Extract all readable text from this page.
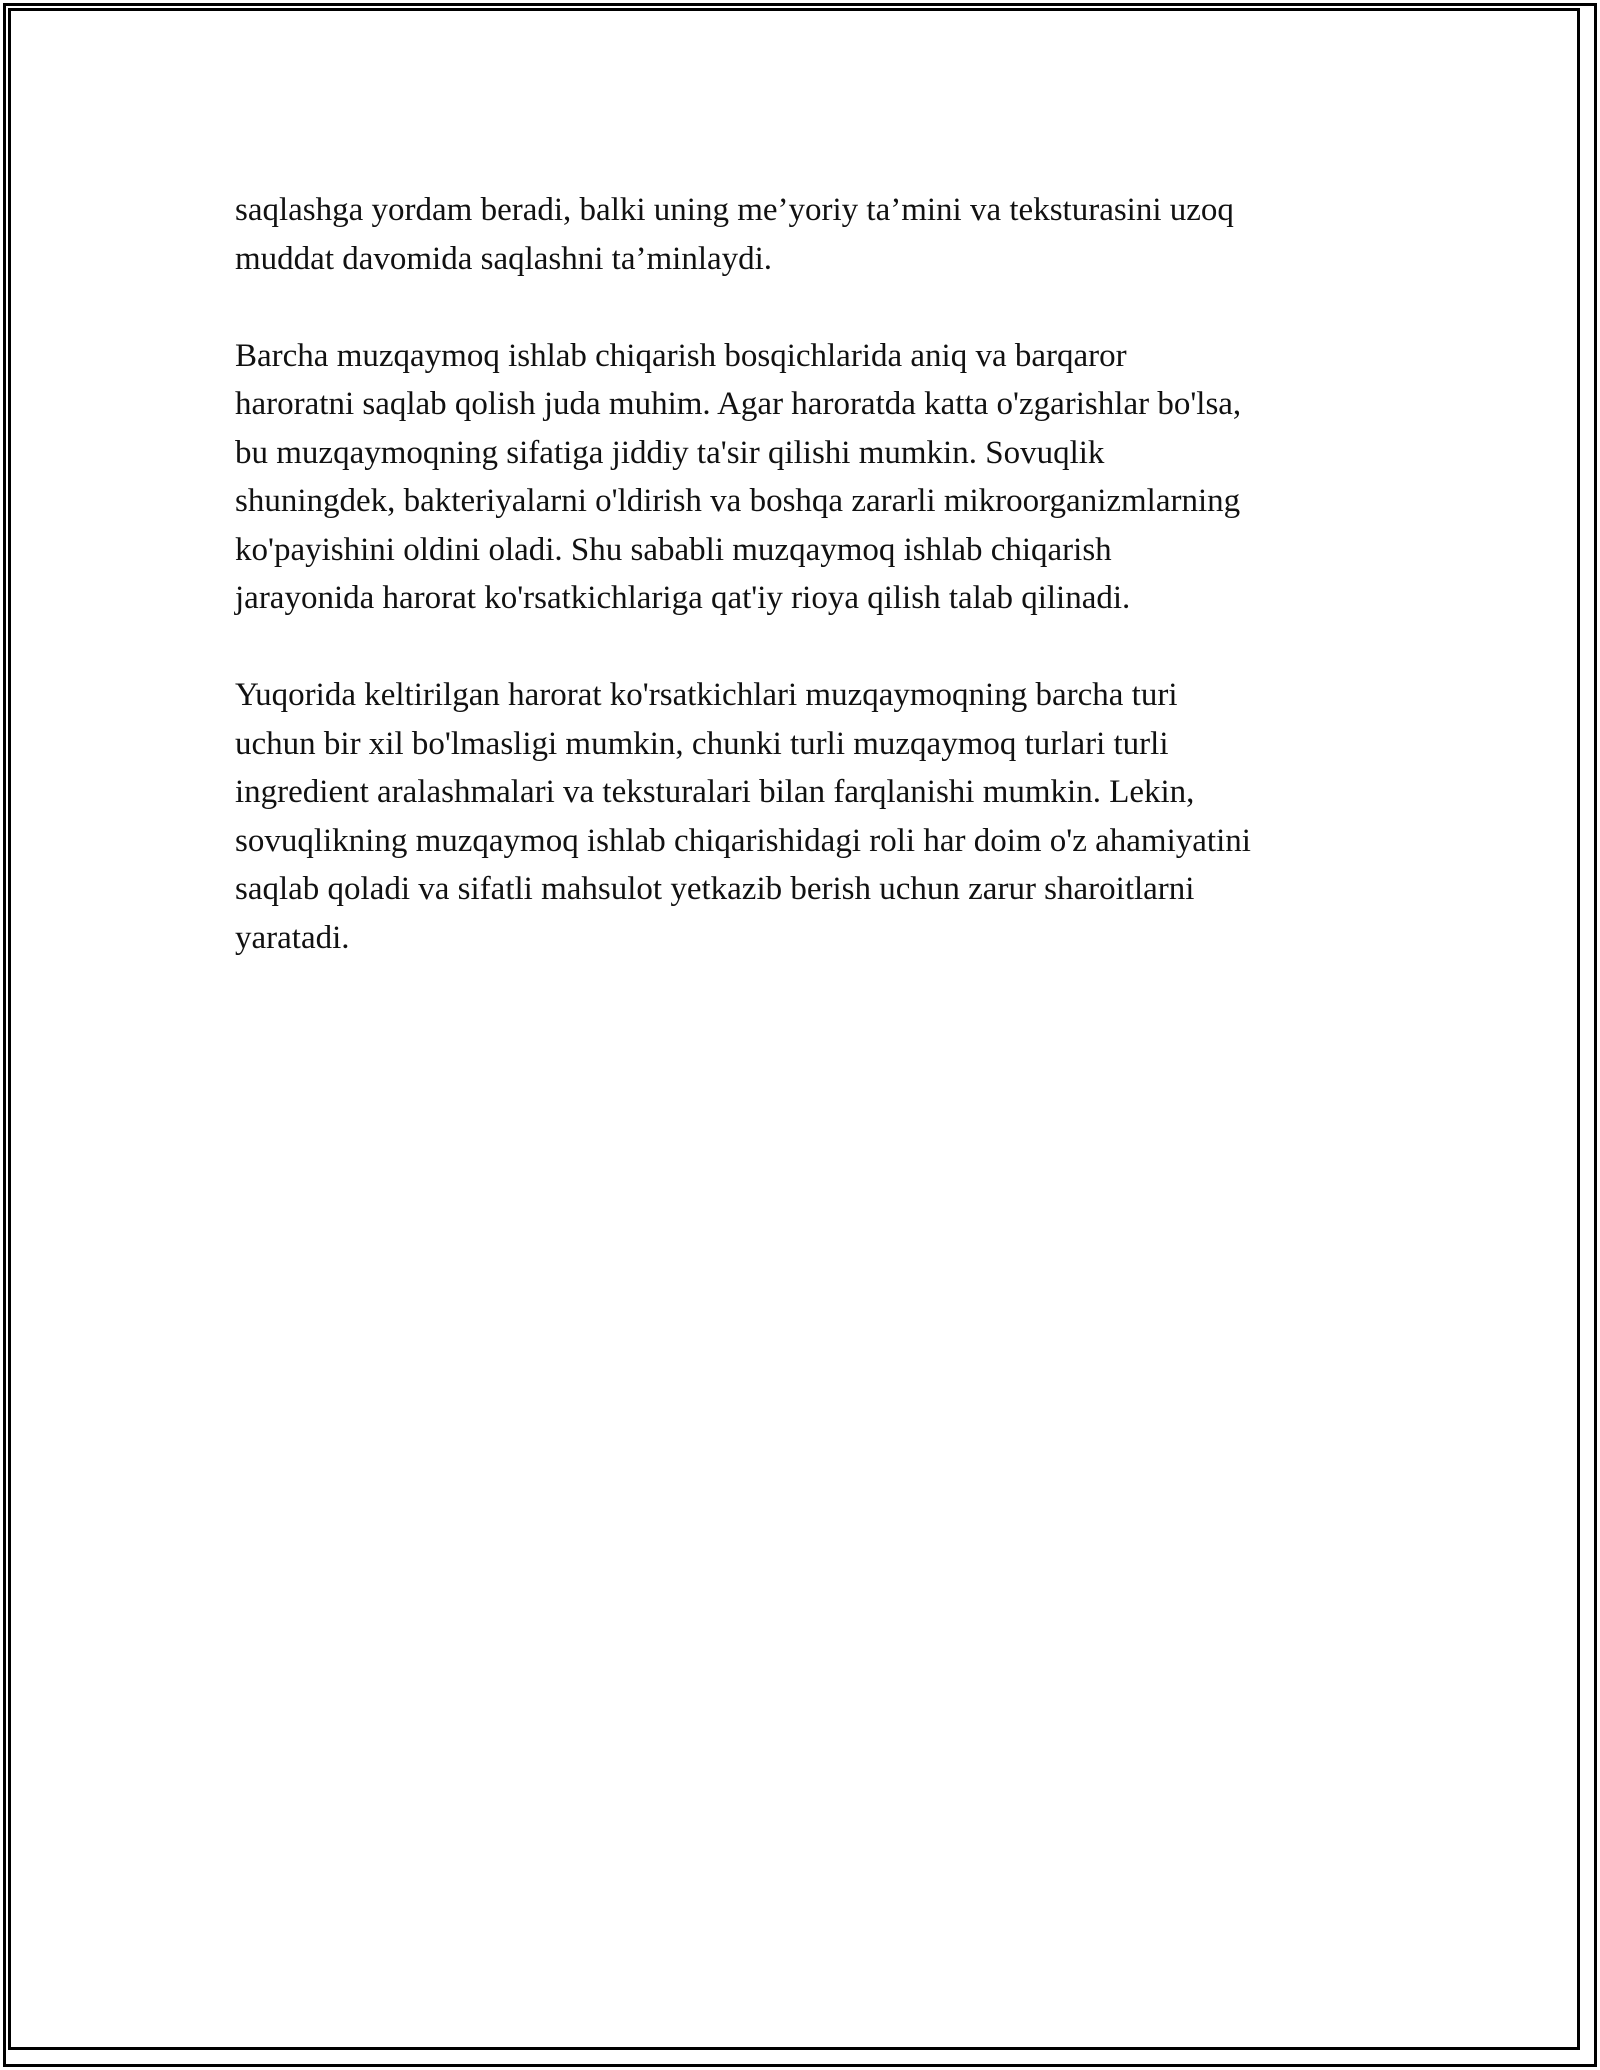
saqlashga yordam beradi, balki uning me’yoriy ta’mini va teksturasini uzoq
muddat davomida saqlashni ta’minlaydi.

Barcha muzqaymoq ishlab chiqarish bosqichlarida aniq va barqaror
haroratni saqlab qolish juda muhim. Agar haroratda katta o'zgarishlar bo'lsa,
bu muzqaymoqning sifatiga jiddiy ta'sir qilishi mumkin. Sovuqlik
shuningdek, bakteriyalarni o'ldirish va boshqa zararli mikroorganizmlarning
ko'payishini oldini oladi. Shu sababli muzqaymoq ishlab chiqarish
jarayonida harorat ko'rsatkichlariga qat'iy rioya qilish talab qilinadi.

Yuqorida keltirilgan harorat ko'rsatkichlari muzqaymoqning barcha turi
uchun bir xil bo'lmasligi mumkin, chunki turli muzqaymoq turlari turli
ingredient aralashmalari va teksturalari bilan farqlanishi mumkin. Lekin,
sovuqlikning muzqaymoq ishlab chiqarishidagi roli har doim o'z ahamiyatini
saqlab qoladi va sifatli mahsulot yetkazib berish uchun zarur sharoitlarni
yaratadi.
